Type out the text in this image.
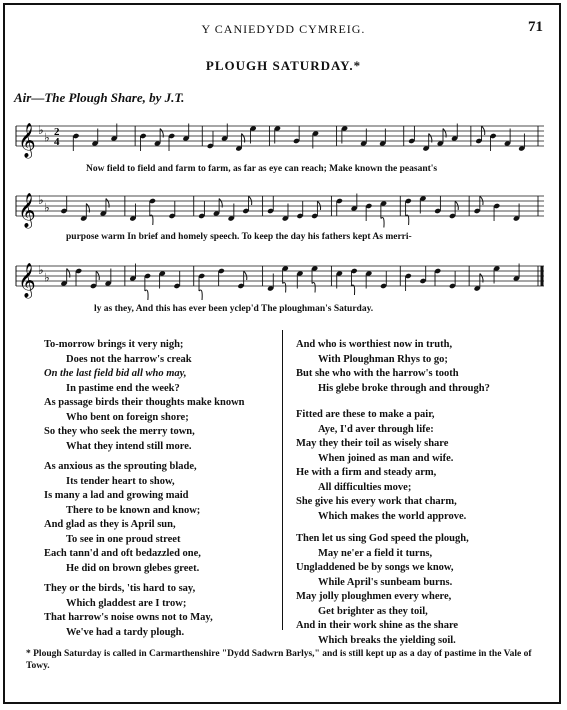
Y CANIEDYDD CYMREIG.	71
PLOUGH SATURDAY.*
Air—The Plough Share, by J.T.
𝄞 ♭
♭ 2
4
Now field to field and farm to farm, as far as eye can reach; Make known the peasant's
𝄞 ♭
♭
purpose warm In brief and homely speech. To keep the day his fathers kept As merri-
𝄞 ♭
♭
ly as they, And this has ever been yclep'd The ploughman's Saturday.
To-morrow brings it very nigh;
Does not the harrow's creak
On the last field bid all who may,
In pastime end the week?
As passage birds their thoughts make known
Who bent on foreign shore;
So they who seek the merry town,
What they intend still more.
As anxious as the sprouting blade,
Its tender heart to show,
Is many a lad and growing maid
There to be known and know;
And glad as they is April sun,
To see in one proud street
Each tann'd and oft bedazzled one,
He did on brown glebes greet.
They or the birds, 'tis hard to say,
Which gladdest are I trow;
That harrow's noise owns not to May,
We've had a tardy plough.
And who is worthiest now in truth,
With Ploughman Rhys to go;
But she who with the harrow's tooth
His glebe broke through and through?
Fitted are these to make a pair,
Aye, I'd aver through life:
May they their toil as wisely share
When joined as man and wife.
He with a firm and steady arm,
All difficulties move;
She give his every work that charm,
Which makes the world approve.
Then let us sing God speed the plough,
May ne'er a field it turns,
Ungladdened be by songs we know,
While April's sunbeam burns.
May jolly ploughmen every where,
Get brighter as they toil,
And in their work shine as the share
Which breaks the yielding soil.
* Plough Saturday is called in Carmarthenshire "Dydd Sadwrn Barlys," and is still kept up as a day of pastime in the Vale of Towy.
